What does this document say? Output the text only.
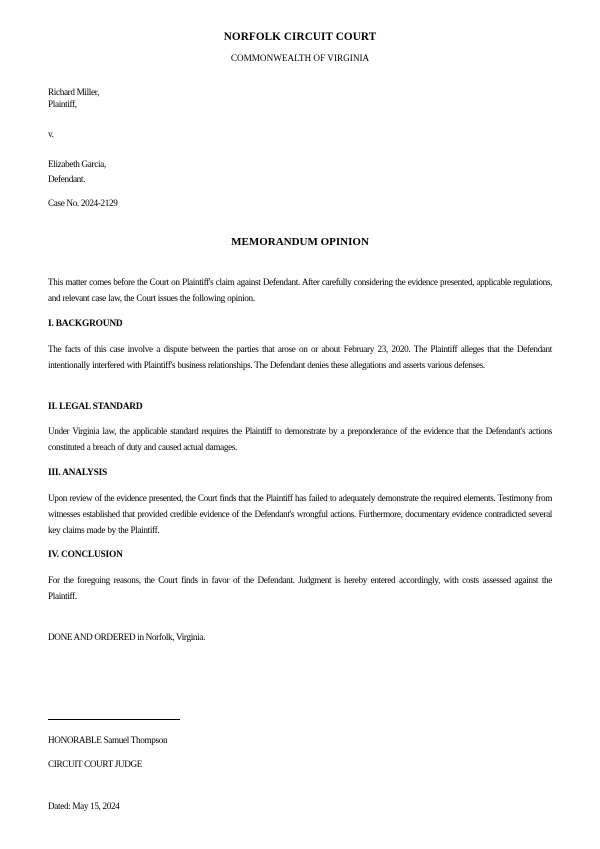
NORFOLK CIRCUIT COURT
COMMONWEALTH OF VIRGINIA
Richard Miller,
Plaintiff,
v.
Elizabeth Garcia,
Defendant.
Case No. 2024-2129
MEMORANDUM OPINION
This matter comes before the Court on Plaintiff's claim against Defendant. After carefully considering the evidence presented, applicable regulations, and relevant case law, the Court issues the following opinion.
I. BACKGROUND
The facts of this case involve a dispute between the parties that arose on or about February 23, 2020. The Plaintiff alleges that the Defendant intentionally interfered with Plaintiff's business relationships. The Defendant denies these allegations and asserts various defenses.
II. LEGAL STANDARD
Under Virginia law, the applicable standard requires the Plaintiff to demonstrate by a preponderance of the evidence that the Defendant's actions constituted a breach of duty and caused actual damages.
III. ANALYSIS
Upon review of the evidence presented, the Court finds that the Plaintiff has failed to adequately demonstrate the required elements. Testimony from witnesses established that provided credible evidence of the Defendant's wrongful actions. Furthermore, documentary evidence contradicted several key claims made by the Plaintiff.
IV. CONCLUSION
For the foregoing reasons, the Court finds in favor of the Defendant. Judgment is hereby entered accordingly, with costs assessed against the Plaintiff.
DONE AND ORDERED in Norfolk, Virginia.
HONORABLE Samuel Thompson
CIRCUIT COURT JUDGE
Dated: May 15, 2024
